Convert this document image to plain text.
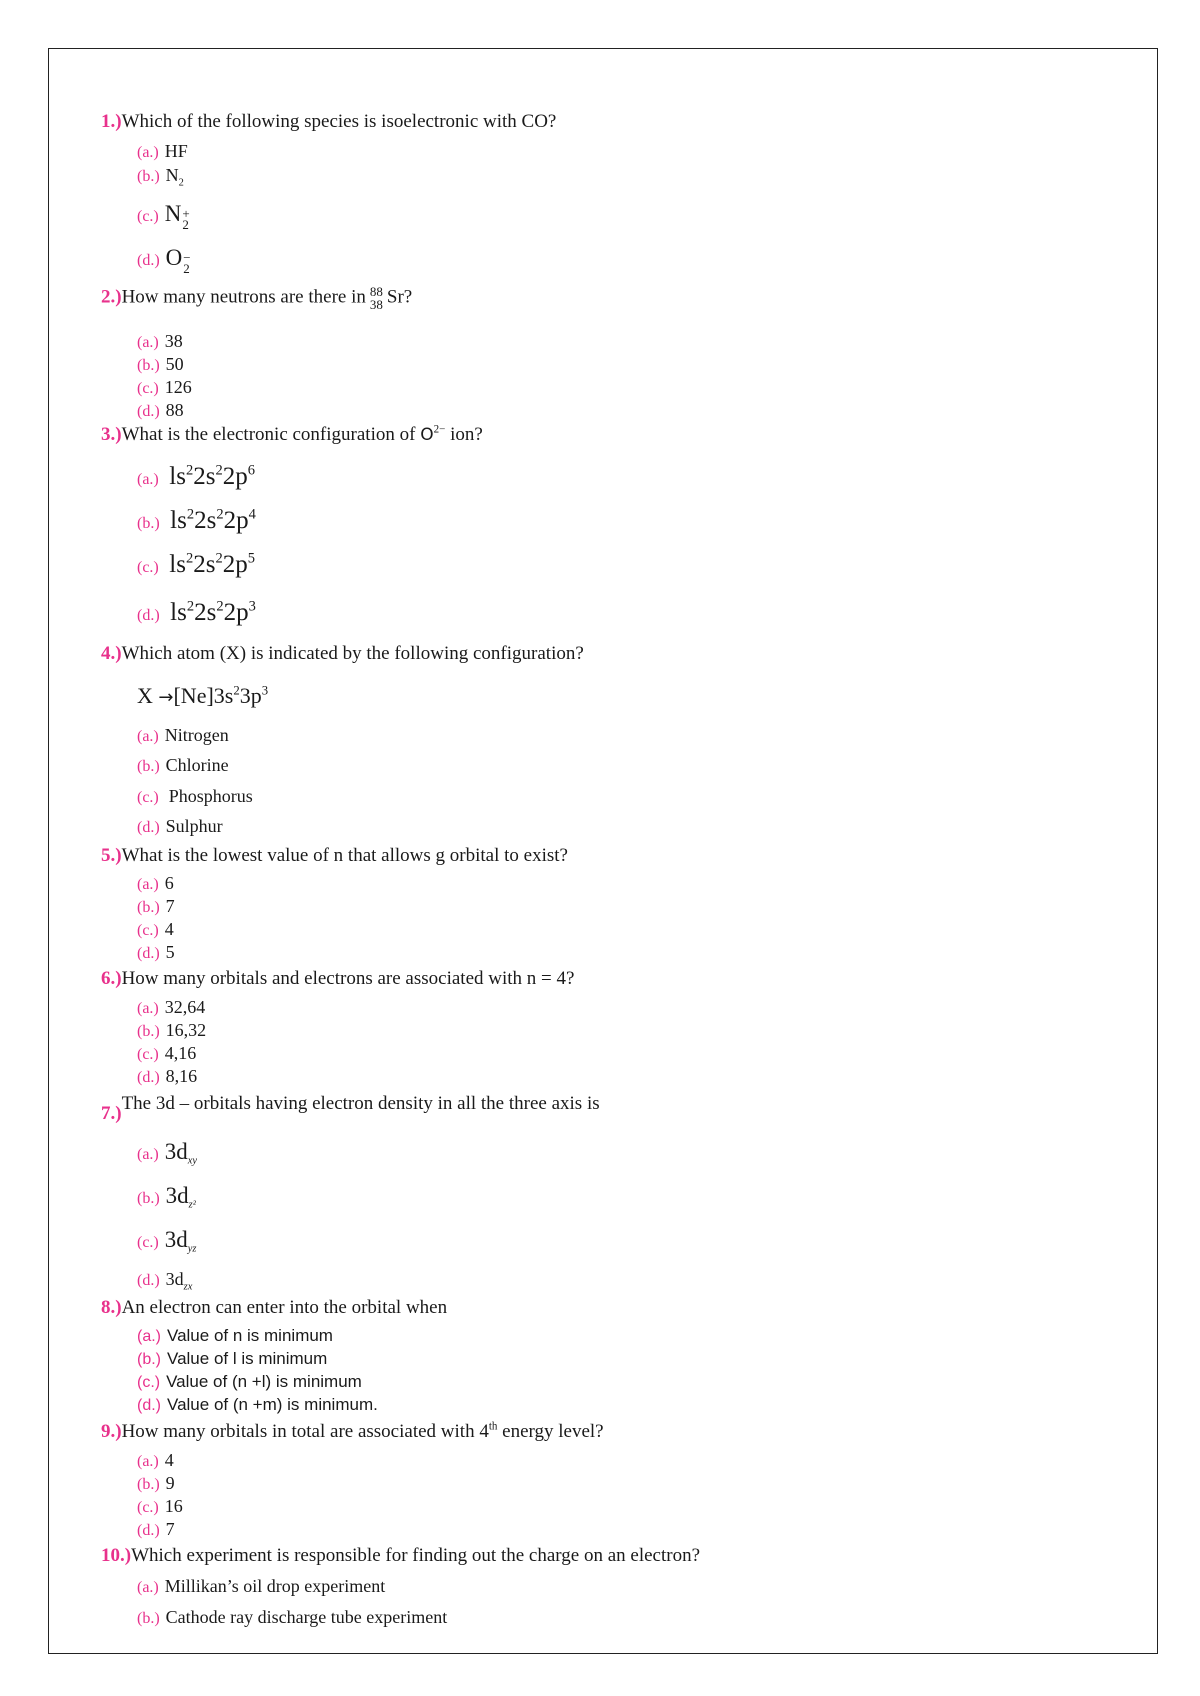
1.)Which of the following species is isoelectronic with CO?
(a.) HF
(b.) $N_2$
(c.) N +
2
(d.) O −
2
2.)How many neutrons are there in 88
38 Sr?
(a.) 38
(b.) 50
(c.) 126
(d.) 88
3.)What is the electronic configuration of $O^{2-}$ ion?
(a.) $ls^22s^22p^6$
(b.) $ls^22s^22p^4$
(c.) $ls^22s^22p^5$
(d.) $ls^22s^22p^3$
4.)Which atom (X) is indicated by the following configuration?
$X \to[Ne]3s^23p^3$
(a.) Nitrogen
(b.) Chlorine
(c.) Phosphorus
(d.) Sulphur
5.)What is the lowest value of n that allows g orbital to exist?
(a.) 6
(b.) 7
(c.) 4
(d.) 5
6.)How many orbitals and electrons are associated with n = 4?
(a.) 32,64
(b.) 16,32
(c.) 4,16
(d.) 8,16
7.)The 3d – orbitals having electron density in all the three axis is
(a.) $3d_{xy}$
(b.) $3d_{z^2}$
(c.) $3d_{yz}$
(d.) $3d_{zx}$
8.)An electron can enter into the orbital when
(a.) Value of n is minimum
(b.) Value of l is minimum
(c.) Value of (n +l) is minimum
(d.) Value of (n +m) is minimum.
9.)How many orbitals in total are associated with 4th energy level?
(a.) 4
(b.) 9
(c.) 16
(d.) 7
10.)Which experiment is responsible for finding out the charge on an electron?
(a.) Millikan’s oil drop experiment
(b.) Cathode ray discharge tube experiment
